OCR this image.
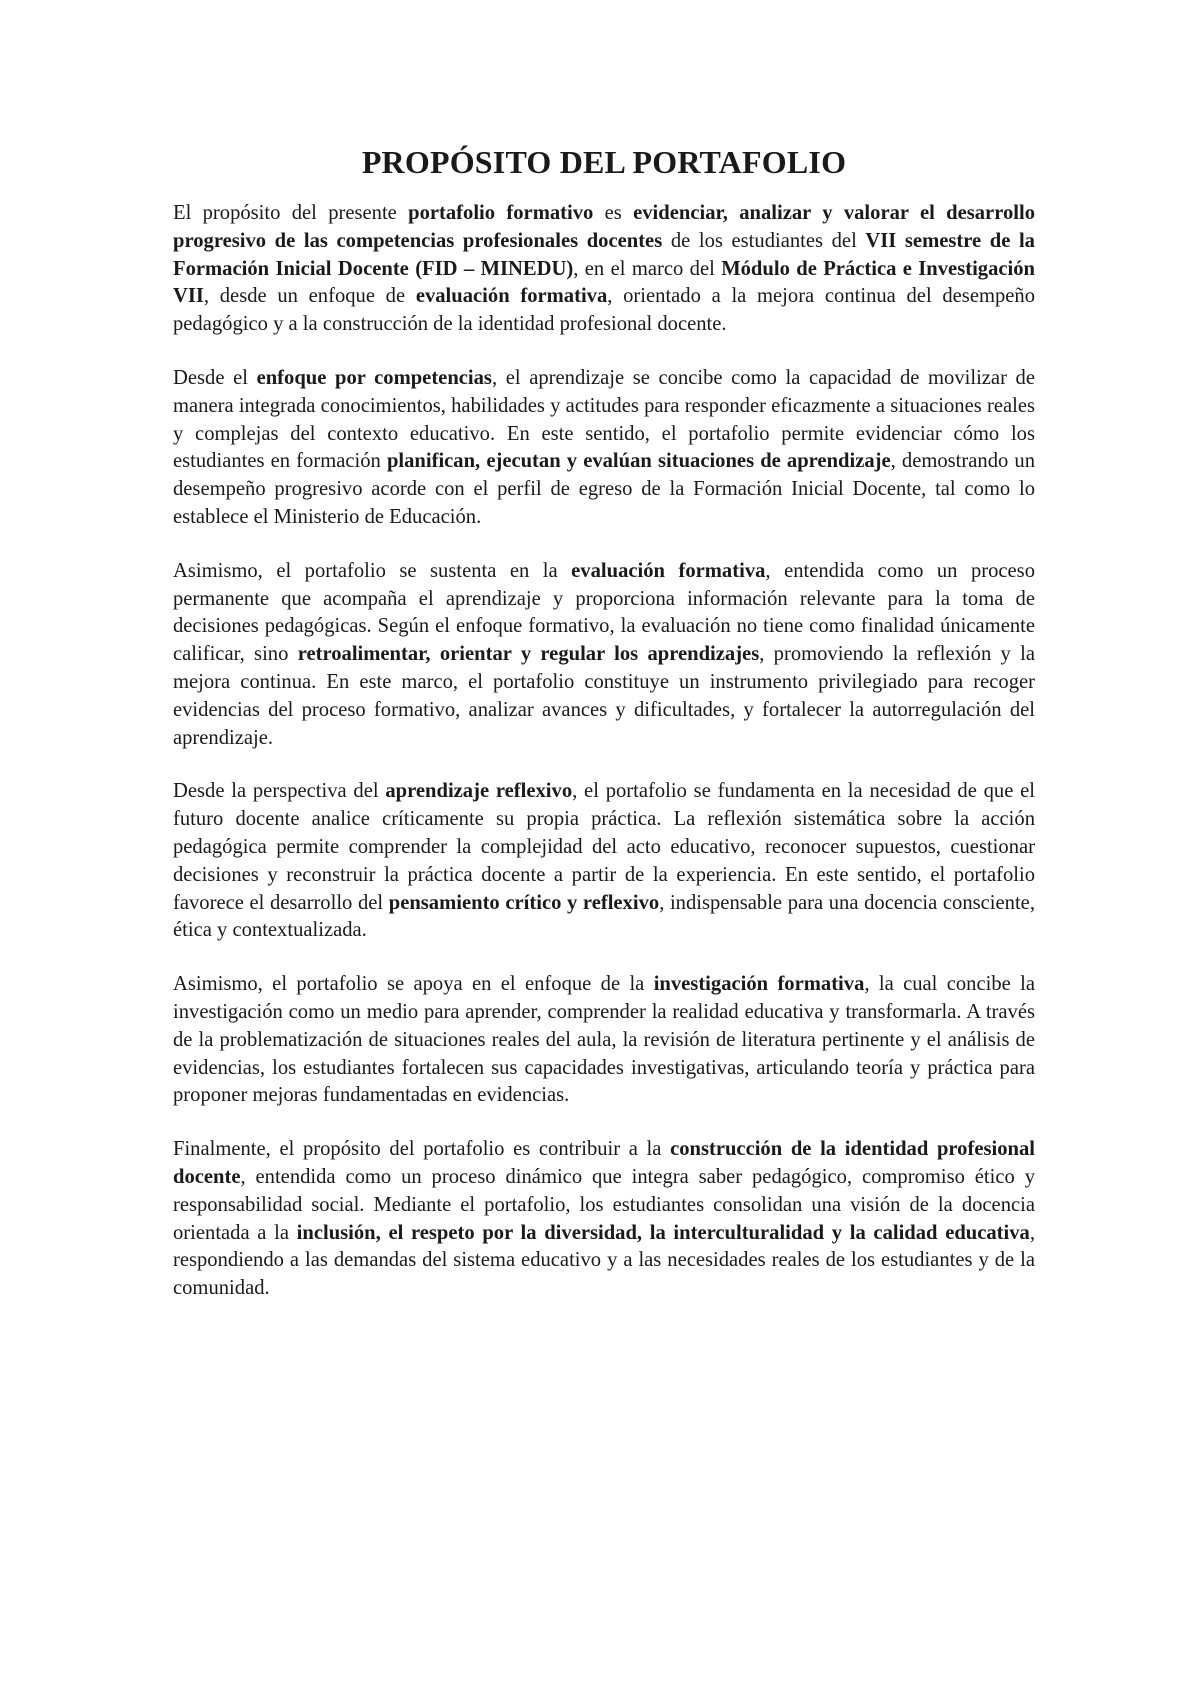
PROPÓSITO DEL PORTAFOLIO

El propósito del presente portafolio formativo es evidenciar, analizar y valorar el desarrollo progresivo de las competencias profesionales docentes de los estudiantes del VII semestre de la Formación Inicial Docente (FID – MINEDU), en el marco del Módulo de Práctica e Investigación VII, desde un enfoque de evaluación formativa, orientado a la mejora continua del desempeño pedagógico y a la construcción de la identidad profesional docente.

Desde el enfoque por competencias, el aprendizaje se concibe como la capacidad de movilizar de manera integrada conocimientos, habilidades y actitudes para responder eficazmente a situaciones reales y complejas del contexto educativo. En este sentido, el portafolio permite evidenciar cómo los estudiantes en formación planifican, ejecutan y evalúan situaciones de aprendizaje, demostrando un desempeño progresivo acorde con el perfil de egreso de la Formación Inicial Docente, tal como lo establece el Ministerio de Educación.

Asimismo, el portafolio se sustenta en la evaluación formativa, entendida como un proceso permanente que acompaña el aprendizaje y proporciona información relevante para la toma de decisiones pedagógicas. Según el enfoque formativo, la evaluación no tiene como finalidad únicamente calificar, sino retroalimentar, orientar y regular los aprendizajes, promoviendo la reflexión y la mejora continua. En este marco, el portafolio constituye un instrumento privilegiado para recoger evidencias del proceso formativo, analizar avances y dificultades, y fortalecer la autorregulación del aprendizaje.

Desde la perspectiva del aprendizaje reflexivo, el portafolio se fundamenta en la necesidad de que el futuro docente analice críticamente su propia práctica. La reflexión sistemática sobre la acción pedagógica permite comprender la complejidad del acto educativo, reconocer supuestos, cuestionar decisiones y reconstruir la práctica docente a partir de la experiencia. En este sentido, el portafolio favorece el desarrollo del pensamiento crítico y reflexivo, indispensable para una docencia consciente, ética y contextualizada.

Asimismo, el portafolio se apoya en el enfoque de la investigación formativa, la cual concibe la investigación como un medio para aprender, comprender la realidad educativa y transformarla. A través de la problematización de situaciones reales del aula, la revisión de literatura pertinente y el análisis de evidencias, los estudiantes fortalecen sus capacidades investigativas, articulando teoría y práctica para proponer mejoras fundamentadas en evidencias.

Finalmente, el propósito del portafolio es contribuir a la construcción de la identidad profesional docente, entendida como un proceso dinámico que integra saber pedagógico, compromiso ético y responsabilidad social. Mediante el portafolio, los estudiantes consolidan una visión de la docencia orientada a la inclusión, el respeto por la diversidad, la interculturalidad y la calidad educativa, respondiendo a las demandas del sistema educativo y a las necesidades reales de los estudiantes y de la comunidad.
